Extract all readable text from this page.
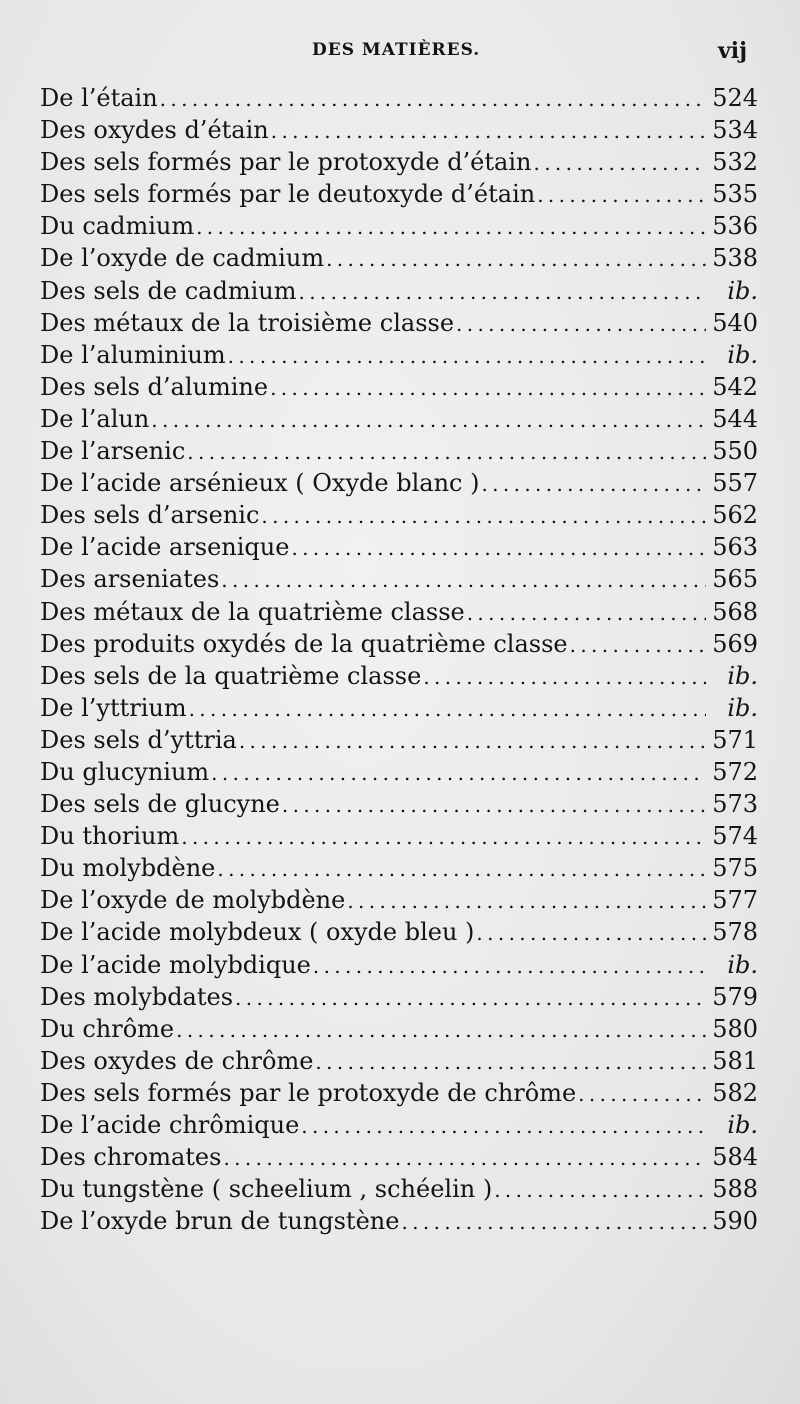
DES MATIÈRES.	vij
De l’étain . . .	524
Des oxydes d’étain . . .	534
Des sels formés par le protoxyde d’étain . . .	532
Des sels formés par le deutoxyde d’étain . . .	535
Du cadmium . . .	536
De l’oxyde de cadmium . . .	538
Des sels de cadmium . . .	ib.
Des métaux de la troisième classe . . .	540
De l’aluminium . . .	ib.
Des sels d’alumine . . .	542
De l’alun . . .	544
De l’arsenic . . .	550
De l’acide arsénieux ( Oxyde blanc ) . . .	557
Des sels d’arsenic . . .	562
De l’acide arsenique . . .	563
Des arseniates . . .	565
Des métaux de la quatrième classe . . .	568
Des produits oxydés de la quatrième classe . . .	569
Des sels de la quatrième classe . . .	ib.
De l’yttrium . . .	ib.
Des sels d’yttria . . .	571
Du glucynium . . .	572
Des sels de glucyne . . .	573
Du thorium . . .	574
Du molybdène . . .	575
De l’oxyde de molybdène . . .	577
De l’acide molybdeux ( oxyde bleu ) . . .	578
De l’acide molybdique . . .	ib.
Des molybdates . . .	579
Du chrôme . . .	580
Des oxydes de chrôme . . .	581
Des sels formés par le protoxyde de chrôme . . .	582
De l’acide chrômique . . .	ib.
Des chromates . . .	584
Du tungstène ( scheelium , schéelin ) . . .	588
De l’oxyde brun de tungstène . . .	590
